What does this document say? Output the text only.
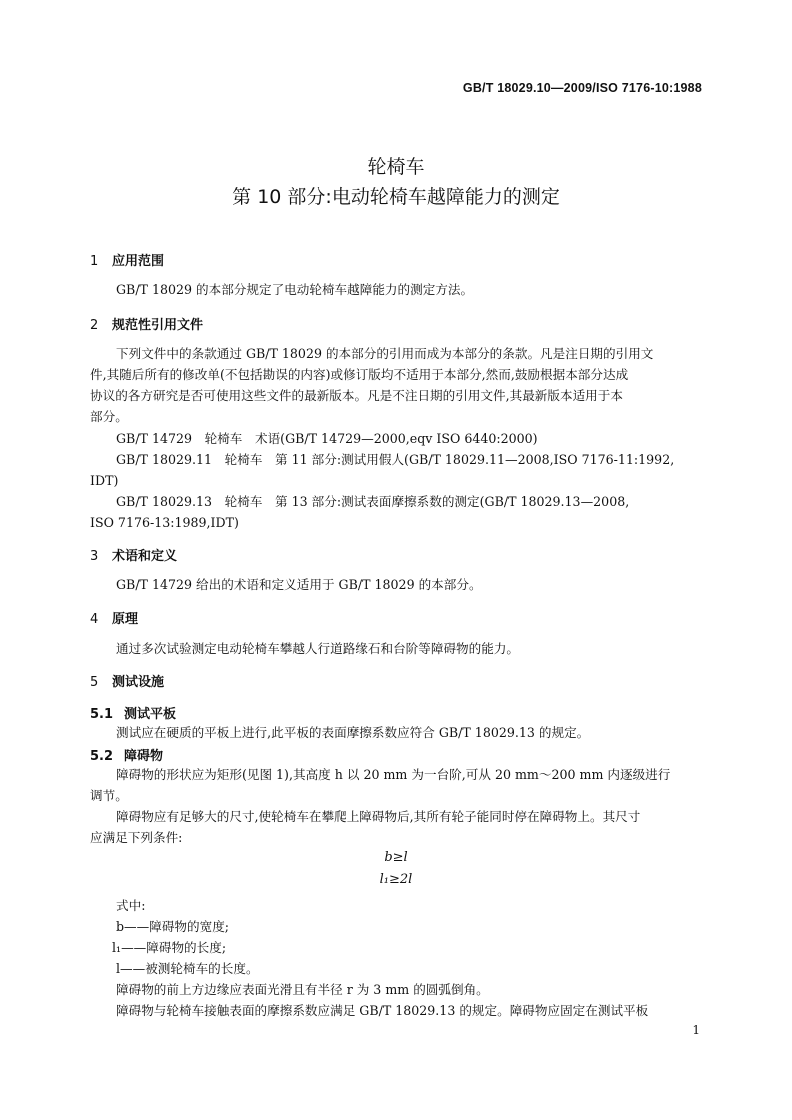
GB/T 18029.10—2009/ISO 7176-10:1988
轮椅车
第 10 部分:电动轮椅车越障能力的测定
1 应用范围
GB/T 18029 的本部分规定了电动轮椅车越障能力的测定方法。
2 规范性引用文件
下列文件中的条款通过 GB/T 18029 的本部分的引用而成为本部分的条款。凡是注日期的引用文
件,其随后所有的修改单(不包括勘误的内容)或修订版均不适用于本部分,然而,鼓励根据本部分达成
协议的各方研究是否可使用这些文件的最新版本。凡是不注日期的引用文件,其最新版本适用于本
部分。
GB/T 14729　轮椅车　术语(GB/T 14729—2000,eqv ISO 6440:2000)
GB/T 18029.11　轮椅车　第 11 部分:测试用假人(GB/T 18029.11—2008,ISO 7176-11:1992,
IDT)
GB/T 18029.13　轮椅车　第 13 部分:测试表面摩擦系数的测定(GB/T 18029.13—2008,
ISO 7176-13:1989,IDT)
3 术语和定义
GB/T 14729 给出的术语和定义适用于 GB/T 18029 的本部分。
4 原理
通过多次试验测定电动轮椅车攀越人行道路缘石和台阶等障碍物的能力。
5 测试设施
5.1 测试平板
测试应在硬质的平板上进行,此平板的表面摩擦系数应符合 GB/T 18029.13 的规定。
5.2 障碍物
障碍物的形状应为矩形(见图 1),其高度 h 以 20 mm 为一台阶,可从 20 mm～200 mm 内逐级进行
调节。
障碍物应有足够大的尺寸,使轮椅车在攀爬上障碍物后,其所有轮子能同时停在障碍物上。其尺寸
应满足下列条件:
b≥l
l₁≥2l
式中:
b——障碍物的宽度;
l₁——障碍物的长度;
l——被测轮椅车的长度。
障碍物的前上方边缘应表面光滑且有半径 r 为 3 mm 的圆弧倒角。
障碍物与轮椅车接触表面的摩擦系数应满足 GB/T 18029.13 的规定。障碍物应固定在测试平板
1
